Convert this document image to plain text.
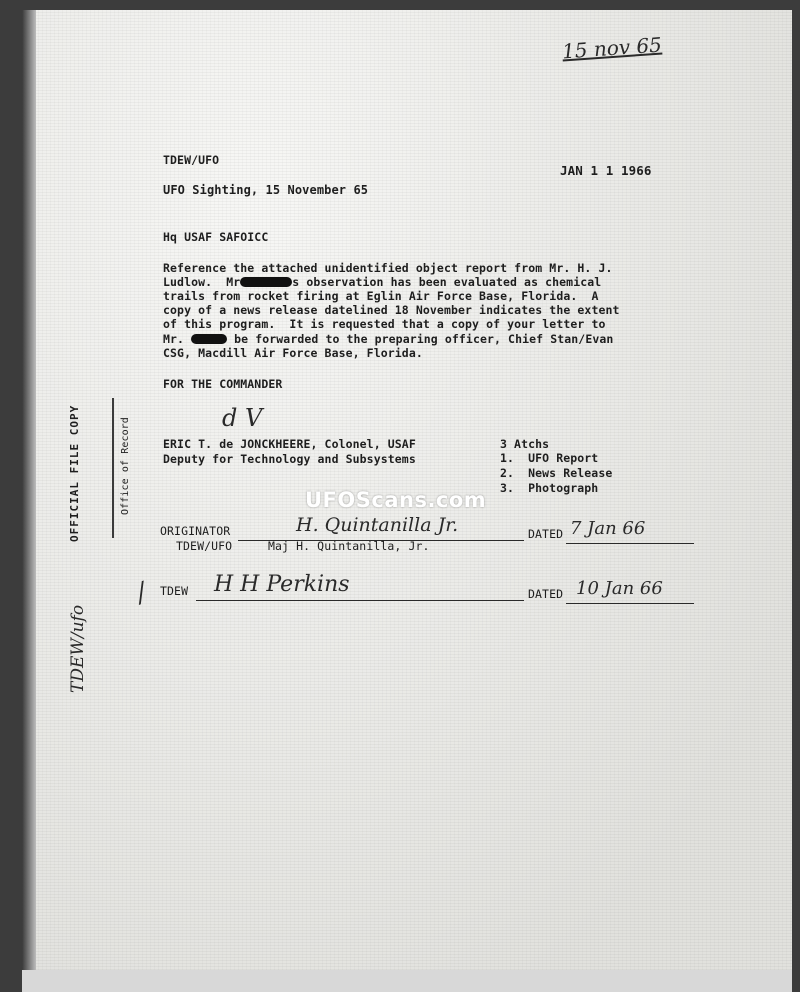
15 nov 65
TDEW/UFO
JAN 1 1 1966
UFO Sighting, 15 November 65
Hq USAF SAFOICC
Reference the attached unidentified object report from Mr. H. J.
Ludlow.  Mr	s observation has been evaluated as chemical
trails from rocket firing at Eglin Air Force Base, Florida.  A
copy of a news release datelined 18 November indicates the extent
of this program.  It is requested that a copy of your letter to
Mr.	be forwarded to the preparing officer, Chief Stan/Evan
CSG, Macdill Air Force Base, Florida.
FOR THE COMMANDER
d V
ERIC T. de JONCKHEERE, Colonel, USAF
Deputy for Technology and Subsystems
3 Atchs
1.  UFO Report
2.  News Release
3.  Photograph
UFOScans.com
ORIGINATOR	H. Quintanilla Jr.
TDEW/UFO	Maj H. Quintanilla, Jr.
DATED 7 Jan 66
/ TDEW H H Perkins	DATED 10 Jan 66
OFFICIAL FILE COPY	Office of Record
TDEW/ufo
